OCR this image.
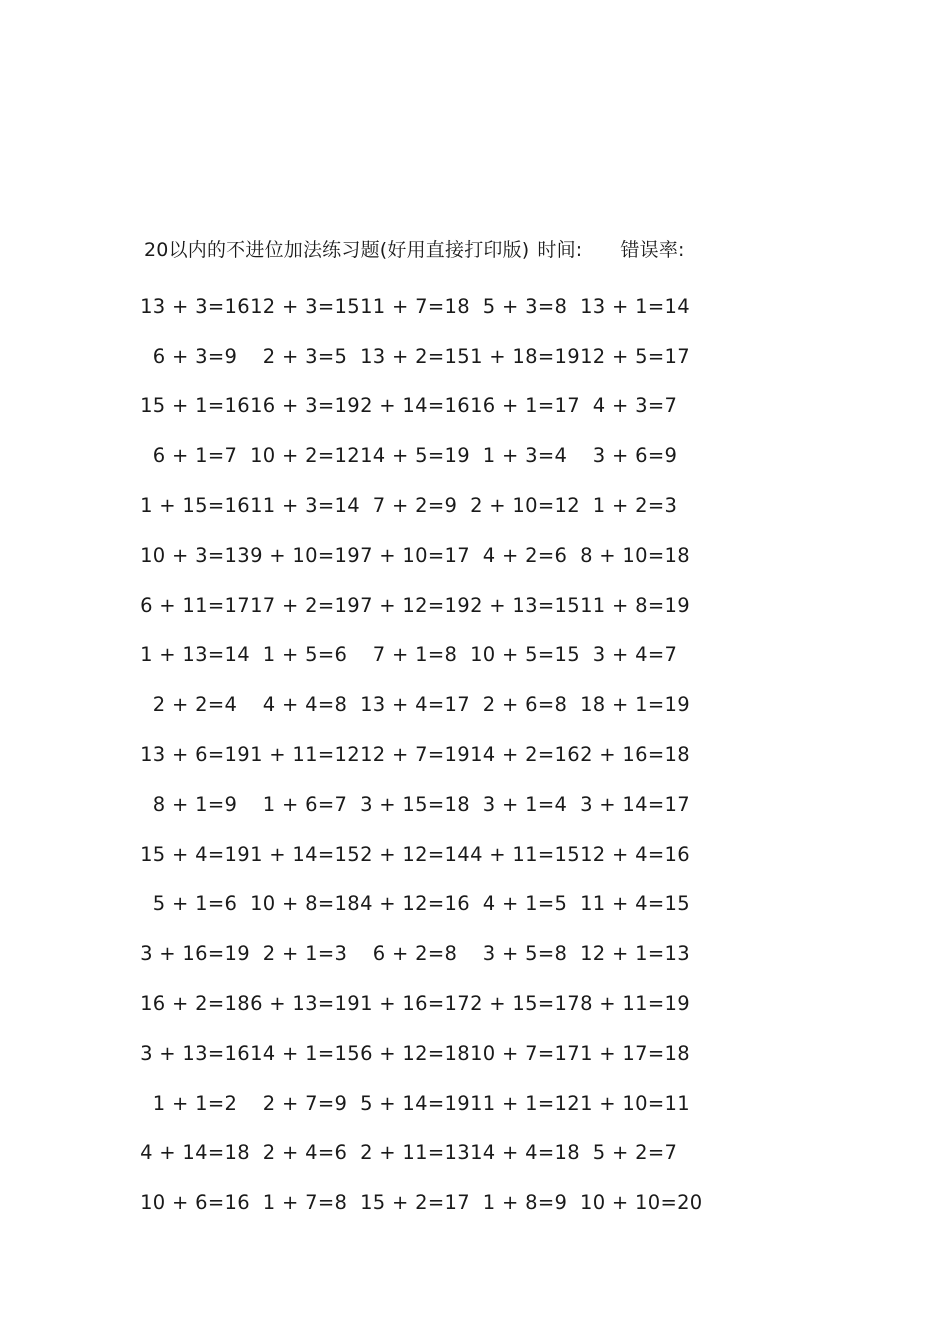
20以内的不进位加法练习题(好用直接打印版) 时间: 错误率:
13 + 3=16 12 + 3=15 11 + 7=18 5 + 3=8 13 + 1=14
6 + 3=9	2 + 3=5 13 + 2=15 1 + 18=19 12 + 5=17
15 + 1=16 16 + 3=19 2 + 14=16 16 + 1=17 4 + 3=7
6 + 1=7 10 + 2=12 14 + 5=19 1 + 3=4	3 + 6=9
1 + 15=16 11 + 3=14 7 + 2=9 2 + 10=12 1 + 2=3
10 + 3=13 9 + 10=19 7 + 10=17 4 + 2=6 8 + 10=18
6 + 11=17 17 + 2=19 7 + 12=19 2 + 13=15 11 + 8=19
1 + 13=14 1 + 5=6	7 + 1=8 10 + 5=15 3 + 4=7
2 + 2=4	4 + 4=8 13 + 4=17 2 + 6=8 18 + 1=19
13 + 6=19 1 + 11=12 12 + 7=19 14 + 2=16 2 + 16=18
8 + 1=9	1 + 6=7 3 + 15=18 3 + 1=4 3 + 14=17
15 + 4=19 1 + 14=15 2 + 12=14 4 + 11=15 12 + 4=16
5 + 1=6 10 + 8=18 4 + 12=16 4 + 1=5 11 + 4=15
3 + 16=19 2 + 1=3	6 + 2=8	3 + 5=8 12 + 1=13
16 + 2=18 6 + 13=19 1 + 16=17 2 + 15=17 8 + 11=19
3 + 13=16 14 + 1=15 6 + 12=18 10 + 7=17 1 + 17=18
1 + 1=2	2 + 7=9 5 + 14=19 11 + 1=12 1 + 10=11
4 + 14=18 2 + 4=6 2 + 11=13 14 + 4=18 5 + 2=7
10 + 6=16 1 + 7=8 15 + 2=17 1 + 8=9 10 + 10=20
